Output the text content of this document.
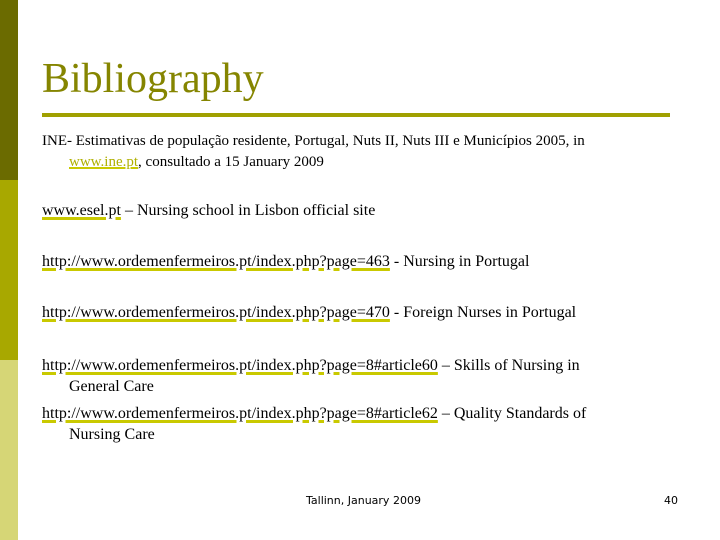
Bibliography
INE- Estimativas de população residente, Portugal, Nuts II, Nuts III e Municípios 2005, in
www.ine.pt, consultado a 15 January 2009
www.esel.pt – Nursing school in Lisbon official site
http://www.ordemenfermeiros.pt/index.php?page=463 - Nursing in Portugal
http://www.ordemenfermeiros.pt/index.php?page=470 - Foreign Nurses in Portugal
http://www.ordemenfermeiros.pt/index.php?page=8#article60 – Skills of Nursing in
General Care
http://www.ordemenfermeiros.pt/index.php?page=8#article62 – Quality Standards of
Nursing Care
Tallinn, January 2009	40
